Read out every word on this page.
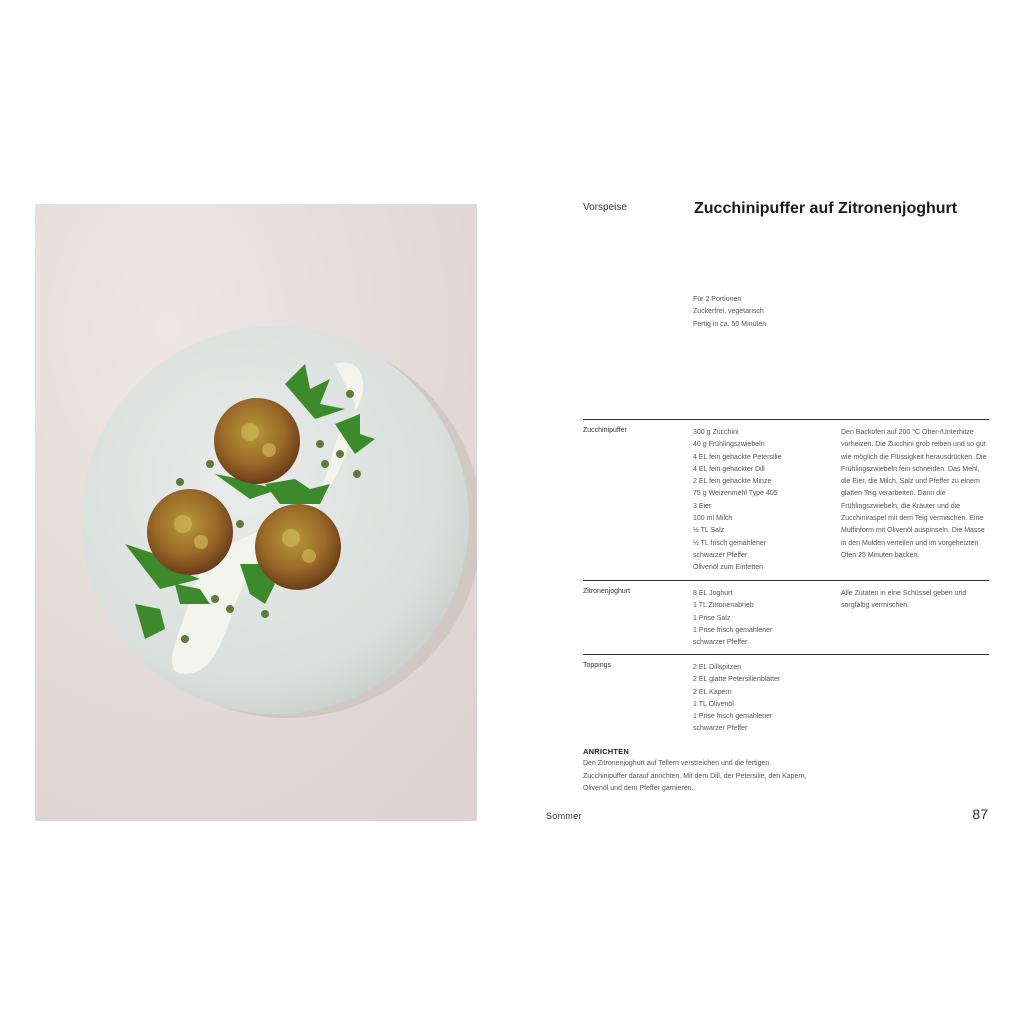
Vorspeise	Zucchinipuffer auf Zitronenjoghurt
Für 2 Portionen
Zuckerfrei, vegetarisch
Fertig in ca. 50 Minuten
Zucchinipuffer	300 g Zucchini
40 g Frühlingszwiebeln
4 EL fein gehackte Petersilie
4 EL fein gehackter Dill
2 EL fein gehackte Minze
75 g Weizenmehl Type 405
3 Eier
100 ml Milch
½ TL Salz
½ TL frisch gemahlener
schwarzer Pfeffer
Olivenöl zum Einfetten
Den Backofen auf 200 °C Ober-/Unterhitze vorheizen. Die Zucchini grob reiben und so gut wie möglich die Flüssigkeit herausdrücken. Die Frühlingszwiebeln fein schneiden. Das Mehl, die Eier, die Milch, Salz und Pfeffer zu einem glatten Teig verarbeiten. Dann die Frühlingszwiebeln, die Kräuter und die Zucchiniraspel mit dem Teig vermischen. Eine Muffinform mit Olivenöl auspinseln. Die Masse in den Mulden verteilen und im vorgeheizten Ofen 25 Minuten backen.
Zitronenjoghurt	8 EL Joghurt
1 TL Zitronenabrieb
1 Prise Salz
1 Prise frisch gemahlener
schwarzer Pfeffer
Alle Zutaten in eine Schüssel geben und sorgfältig vermischen.
Toppings	2 EL Dillspitzen
2 EL glatte Petersilienblätter
2 EL Kapern
1 TL Olivenöl
1 Prise frisch gemahlener
schwarzer Pfeffer
ANRICHTEN
Den Zitronenjoghurt auf Tellern verstreichen und die fertigen Zucchinipuffer darauf anrichten. Mit dem Dill, der Petersilie, den Kapern, Olivenöl und dem Pfeffer garnieren.
Sommer	87
